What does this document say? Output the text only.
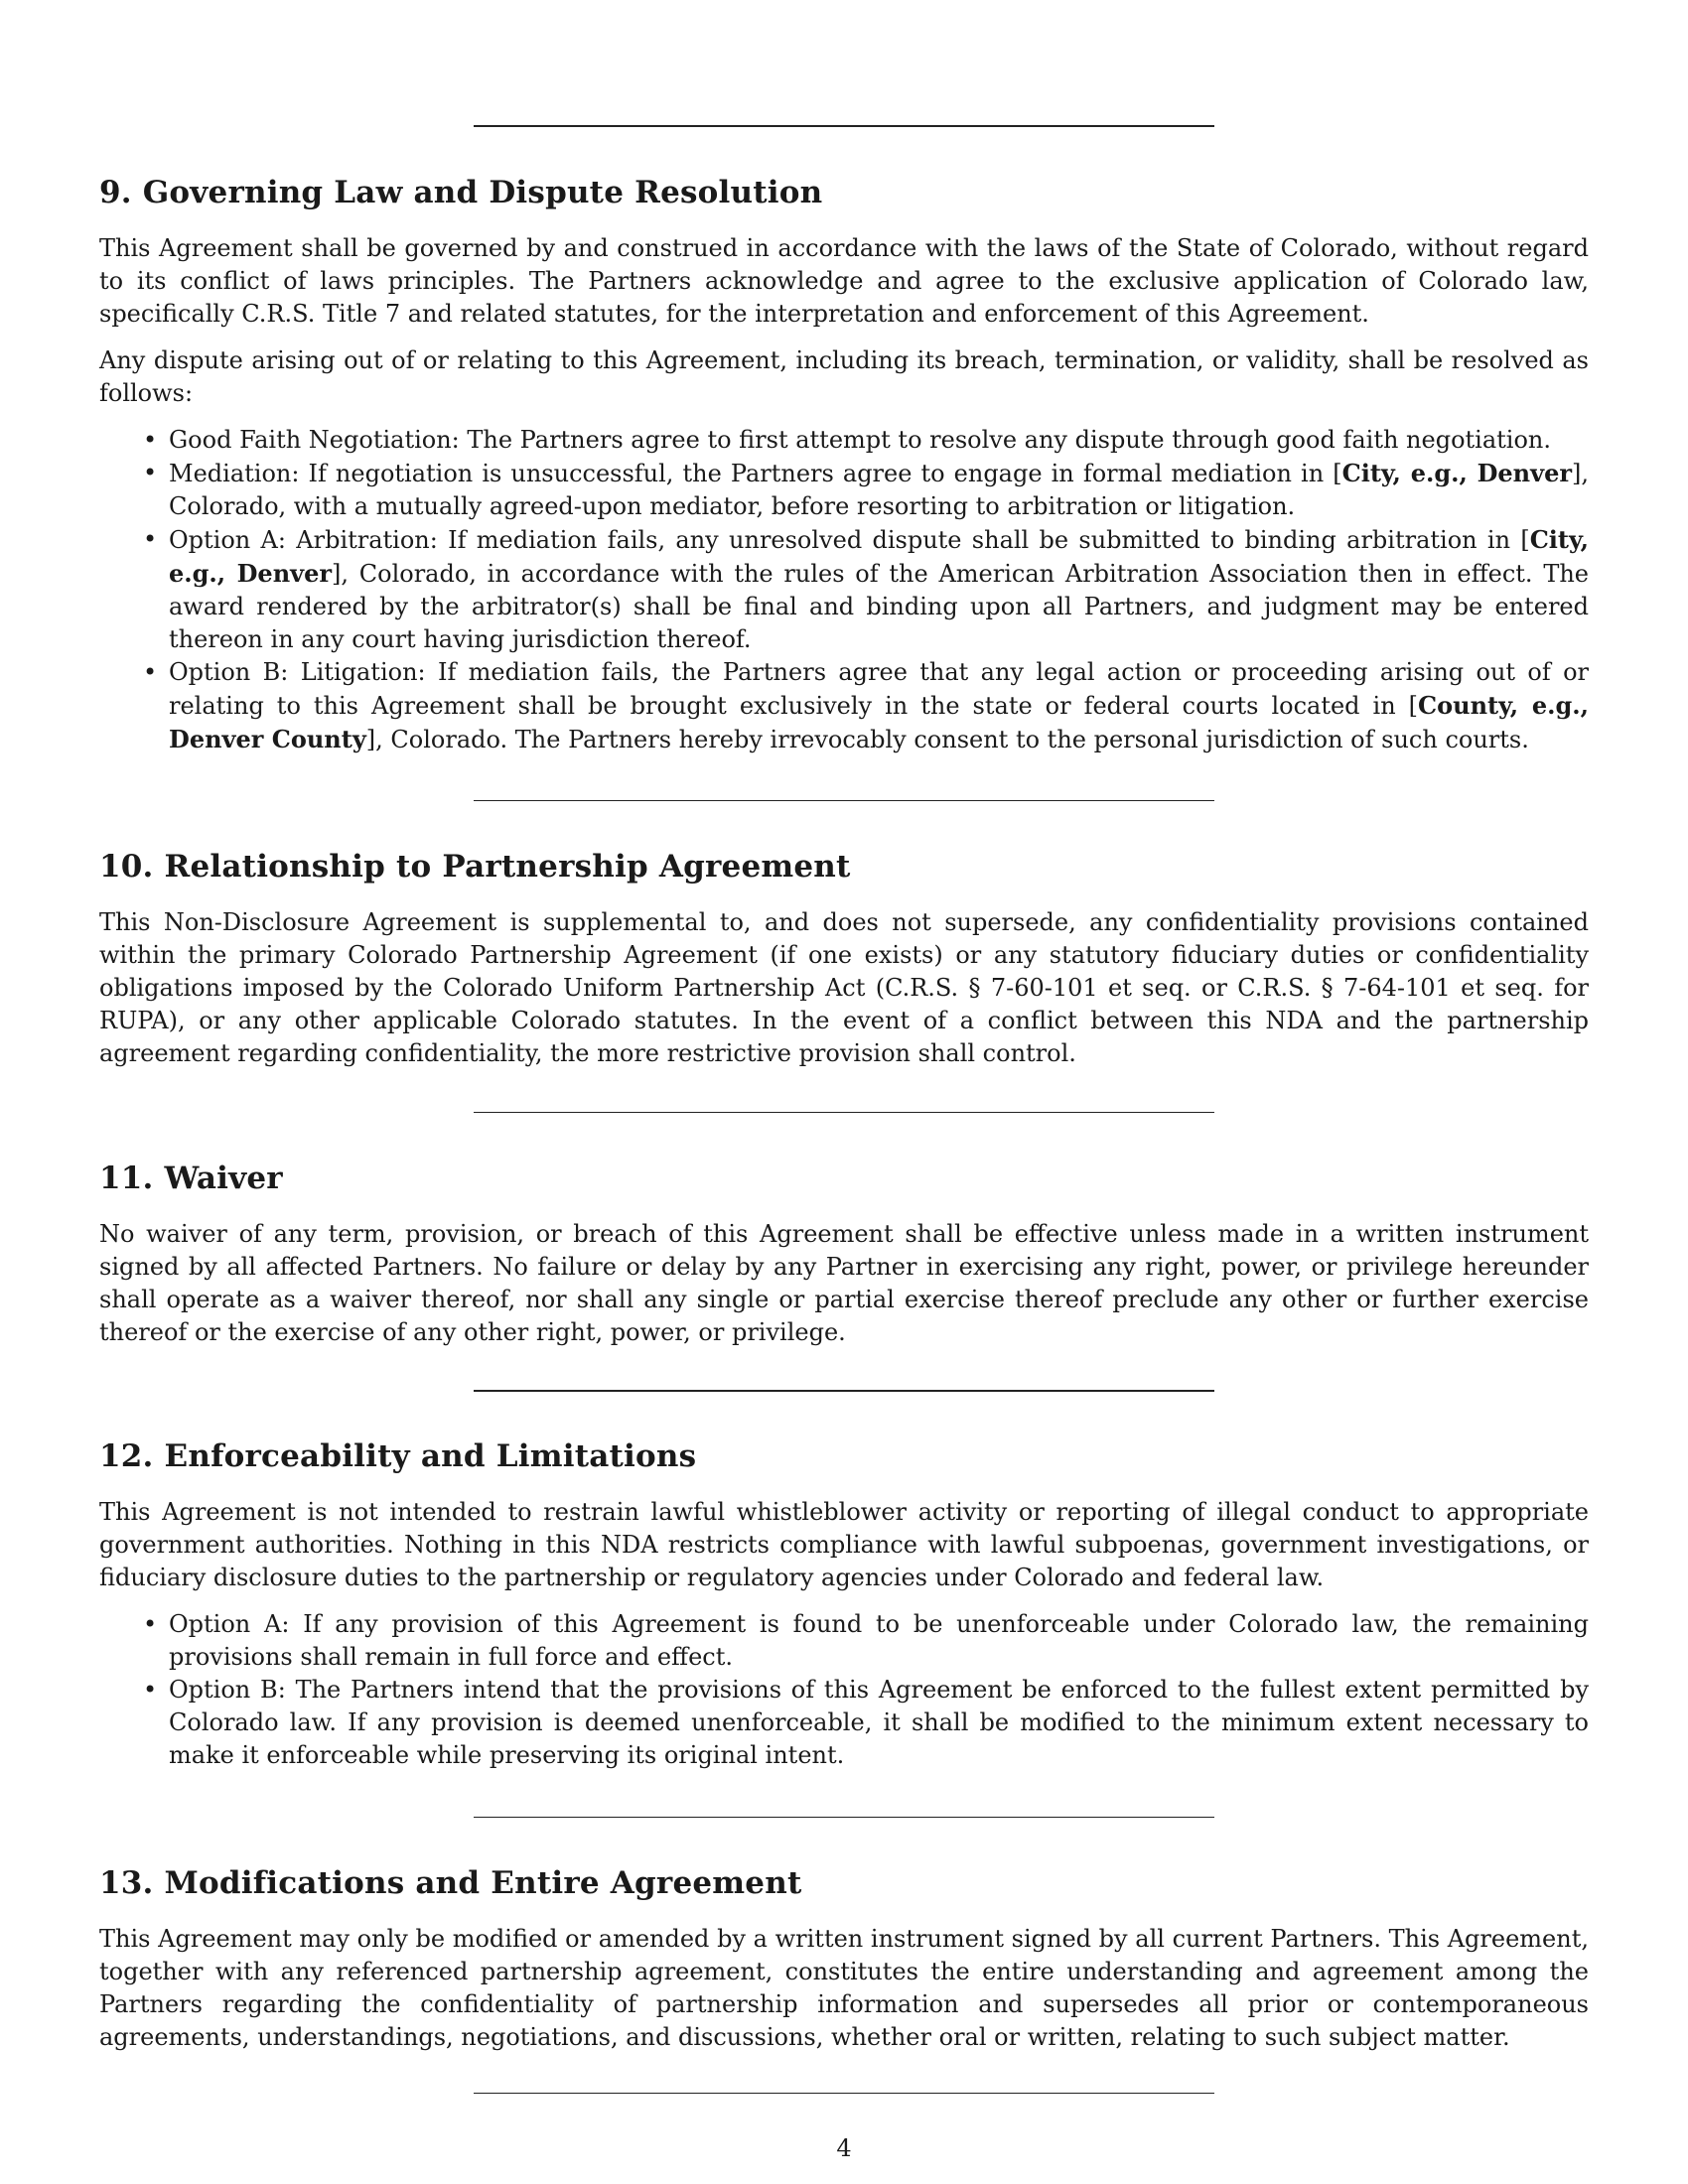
9. Governing Law and Dispute Resolution

This Agreement shall be governed by and construed in accordance with the laws of the State of Colorado, without regard to its conflict of laws principles. The Partners acknowledge and agree to the exclusive application of Colorado law, specifically C.R.S. Title 7 and related statutes, for the interpretation and enforcement of this Agreement.

Any dispute arising out of or relating to this Agreement, including its breach, termination, or validity, shall be resolved as follows:

• Good Faith Negotiation: The Partners agree to first attempt to resolve any dispute through good faith negotiation.
• Mediation: If negotiation is unsuccessful, the Partners agree to engage in formal mediation in [City, e.g., Denver], Colorado, with a mutually agreed-upon mediator, before resorting to arbitration or litigation.
• Option A: Arbitration: If mediation fails, any unresolved dispute shall be submitted to binding arbitration in [City, e.g., Denver], Colorado, in accordance with the rules of the American Arbitration Association then in effect. The award rendered by the arbitrator(s) shall be final and binding upon all Partners, and judgment may be entered thereon in any court having jurisdiction thereof.
• Option B: Litigation: If mediation fails, the Partners agree that any legal action or proceeding arising out of or relating to this Agreement shall be brought exclusively in the state or federal courts located in [County, e.g., Denver County], Colorado. The Partners hereby irrevocably consent to the personal jurisdiction of such courts.
10. Relationship to Partnership Agreement

This Non-Disclosure Agreement is supplemental to, and does not supersede, any confidentiality provisions contained within the primary Colorado Partnership Agreement (if one exists) or any statutory fiduciary duties or confidentiality obligations imposed by the Colorado Uniform Partnership Act (C.R.S. § 7-60-101 et seq. or C.R.S. § 7-64-101 et seq. for RUPA), or any other applicable Colorado statutes. In the event of a conflict between this NDA and the partnership agreement regarding confidentiality, the more restrictive provision shall control.

11. Waiver

No waiver of any term, provision, or breach of this Agreement shall be effective unless made in a written instrument signed by all affected Partners. No failure or delay by any Partner in exercising any right, power, or privilege hereunder shall operate as a waiver thereof, nor shall any single or partial exercise thereof preclude any other or further exercise thereof or the exercise of any other right, power, or privilege.

12. Enforceability and Limitations

This Agreement is not intended to restrain lawful whistleblower activity or reporting of illegal conduct to appropriate government authorities. Nothing in this NDA restricts compliance with lawful subpoenas, government investigations, or fiduciary disclosure duties to the partnership or regulatory agencies under Colorado and federal law.

• Option A: If any provision of this Agreement is found to be unenforceable under Colorado law, the remaining provisions shall remain in full force and effect.
• Option B: The Partners intend that the provisions of this Agreement be enforced to the fullest extent permitted by Colorado law. If any provision is deemed unenforceable, it shall be modified to the minimum extent necessary to make it enforceable while preserving its original intent.
13. Modifications and Entire Agreement

This Agreement may only be modified or amended by a written instrument signed by all current Partners. This Agreement, together with any referenced partnership agreement, constitutes the entire understanding and agreement among the Partners regarding the confidentiality of partnership information and supersedes all prior or contemporaneous agreements, understandings, negotiations, and discussions, whether oral or written, relating to such subject matter.

4
